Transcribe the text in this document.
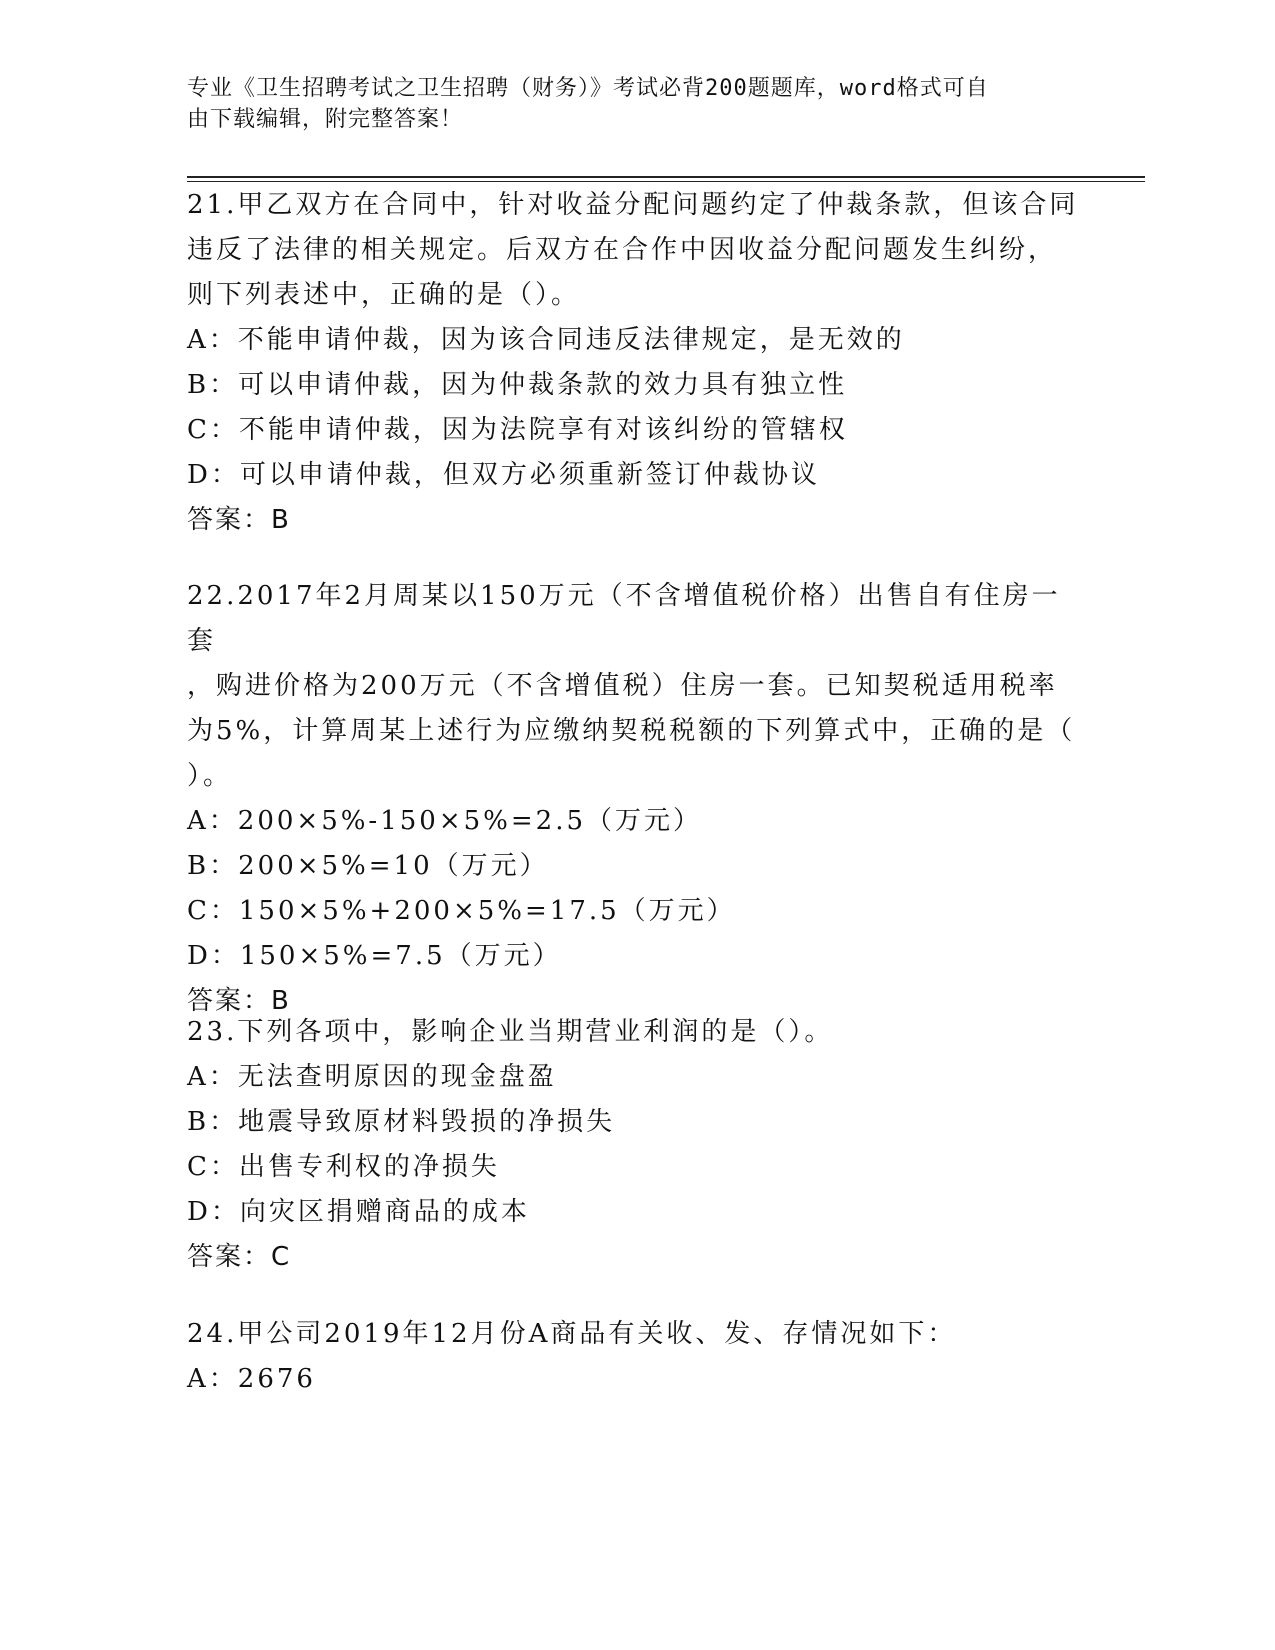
专业《卫生招聘考试之卫生招聘（财务）》考试必背200题题库，word格式可自
由下载编辑，附完整答案！
21.甲乙双方在合同中，针对收益分配问题约定了仲裁条款，但该合同
违反了法律的相关规定。后双方在合作中因收益分配问题发生纠纷，
则下列表述中，正确的是（）。
A：不能申请仲裁，因为该合同违反法律规定，是无效的
B：可以申请仲裁，因为仲裁条款的效力具有独立性
C：不能申请仲裁，因为法院享有对该纠纷的管辖权
D：可以申请仲裁，但双方必须重新签订仲裁协议
答案：B
22.2017年2月周某以150万元（不含增值税价格）出售自有住房一套
，购进价格为200万元（不含增值税）住房一套。已知契税适用税率
为5%，计算周某上述行为应缴纳契税税额的下列算式中，正确的是（
）。
A：200×5%-150×5%=2.5（万元）
B：200×5%=10（万元）
C：150×5%+200×5%=17.5（万元）
D：150×5%=7.5（万元）
答案：B
23.下列各项中，影响企业当期营业利润的是（）。
A：无法查明原因的现金盘盈
B：地震导致原材料毁损的净损失
C：出售专利权的净损失
D：向灾区捐赠商品的成本
答案：C
24.甲公司2019年12月份A商品有关收、发、存情况如下：
A：2676
